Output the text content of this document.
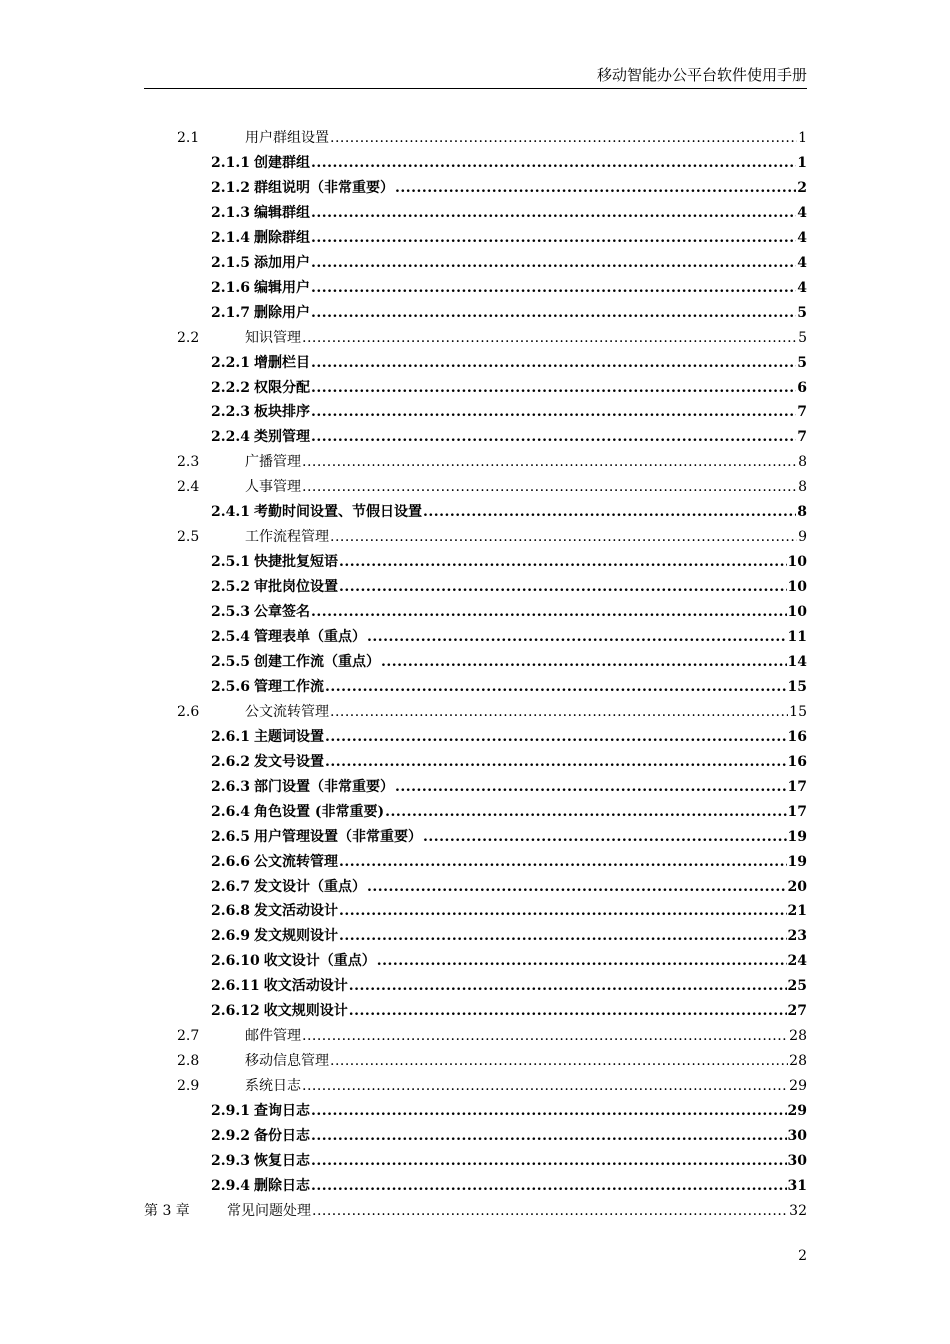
移动智能办公平台软件使用手册
2.1	用户群组设置 .....	1
2.1.1 创建群组 .....	1
2.1.2 群组说明（非常重要） .....	2
2.1.3 编辑群组 .....	4
2.1.4 删除群组 .....	4
2.1.5 添加用户 .....	4
2.1.6 编辑用户 .....	4
2.1.7 删除用户 .....	5
2.2	知识管理 .....	5
2.2.1 增删栏目 .....	5
2.2.2 权限分配 .....	6
2.2.3 板块排序 .....	7
2.2.4 类别管理 .....	7
2.3	广播管理 .....	8
2.4	人事管理 .....	8
2.4.1 考勤时间设置、节假日设置 .....	8
2.5	工作流程管理 .....	9
2.5.1 快捷批复短语 .....	10
2.5.2 审批岗位设置 .....	10
2.5.3 公章签名 .....	10
2.5.4 管理表单（重点） .....	11
2.5.5 创建工作流（重点） .....	14
2.5.6 管理工作流 .....	15
2.6	公文流转管理 .....	15
2.6.1 主题词设置 .....	16
2.6.2 发文号设置 .....	16
2.6.3 部门设置（非常重要） .....	17
2.6.4 角色设置 (非常重要) .....	17
2.6.5 用户管理设置（非常重要） .....	19
2.6.6 公文流转管理 .....	19
2.6.7 发文设计（重点） .....	20
2.6.8 发文活动设计 .....	21
2.6.9 发文规则设计 .....	23
2.6.10 收文设计（重点） .....	24
2.6.11 收文活动设计 .....	25
2.6.12 收文规则设计 .....	27
2.7	邮件管理 .....	28
2.8	移动信息管理 .....	28
2.9	系统日志 .....	29
2.9.1 查询日志 .....	29
2.9.2 备份日志 .....	30
2.9.3 恢复日志 .....	30
2.9.4 删除日志 .....	31
第 3 章	常见问题处理 .....	32
2
